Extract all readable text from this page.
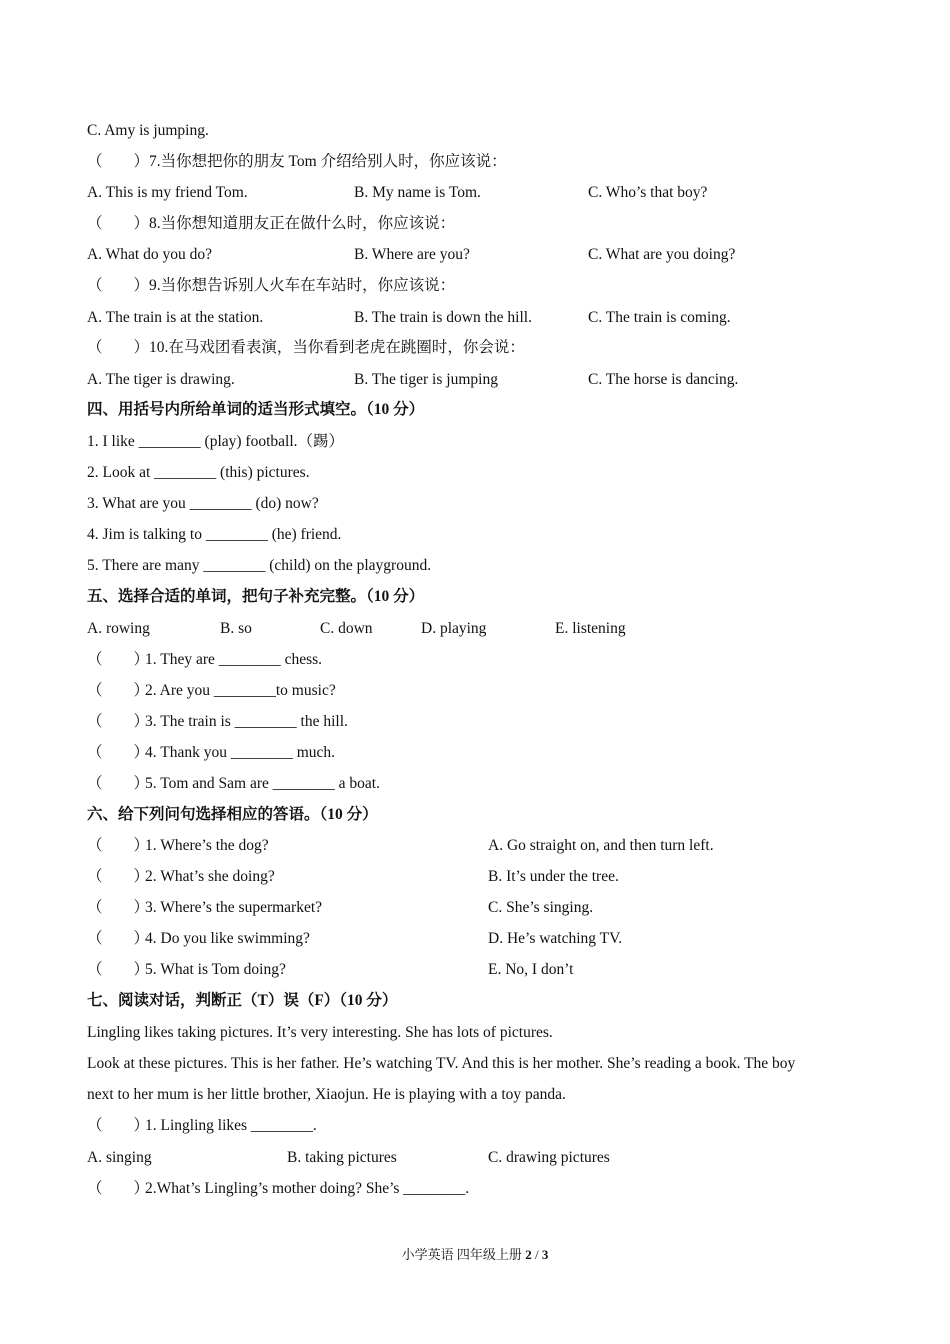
C. Amy is jumping.
（　　）7.当你想把你的朋友 Tom 介绍给别人时，你应该说：
A. This is my friend Tom.	B. My name is Tom.	C. Who’s that boy?
（　　）8.当你想知道朋友正在做什么时，你应该说：
A. What do you do?	B. Where are you?	C. What are you doing?
（　　）9.当你想告诉别人火车在车站时，你应该说：
A. The train is at the station.	B. The train is down the hill.	C. The train is coming.
（　　）10.在马戏团看表演，当你看到老虎在跳圈时，你会说：
A. The tiger is drawing.	B. The tiger is jumping	C. The horse is dancing.
四、用括号内所给单词的适当形式填空。（10 分）
1. I like ________ (play) football.（踢）
2. Look at ________ (this) pictures.
3. What are you ________ (do) now?
4. Jim is talking to ________ (he) friend.
5. There are many ________ (child) on the playground.
五、选择合适的单词，把句子补充完整。（10 分）
A. rowing	B. so	C. down	D. playing	E. listening
（　　）1. They are ________ chess.
（　　）2. Are you ________to music?
（　　）3. The train is ________ the hill.
（　　）4. Thank you ________ much.
（　　）5. Tom and Sam are ________ a boat.
六、给下列问句选择相应的答语。（10 分）
（　　）1. Where’s the dog?	A. Go straight on, and then turn left.
（　　）2. What’s she doing?	B. It’s under the tree.
（　　）3. Where’s the supermarket?	C. She’s singing.
（　　）4. Do you like swimming?	D. He’s watching TV.
（　　）5. What is Tom doing?	E. No, I don’t
七、阅读对话，判断正（T）误（F）（10 分）
Lingling likes taking pictures. It’s very interesting. She has lots of pictures.
Look at these pictures. This is her father. He’s watching TV. And this is her mother. She’s reading a book. The boy
next to her mum is her little brother, Xiaojun. He is playing with a toy panda.
（　　）1. Lingling likes ________.
A. singing	B. taking pictures	C. drawing pictures
（　　）2.What’s Lingling’s mother doing? She’s ________.
小学英语 四年级上册 2 / 3
